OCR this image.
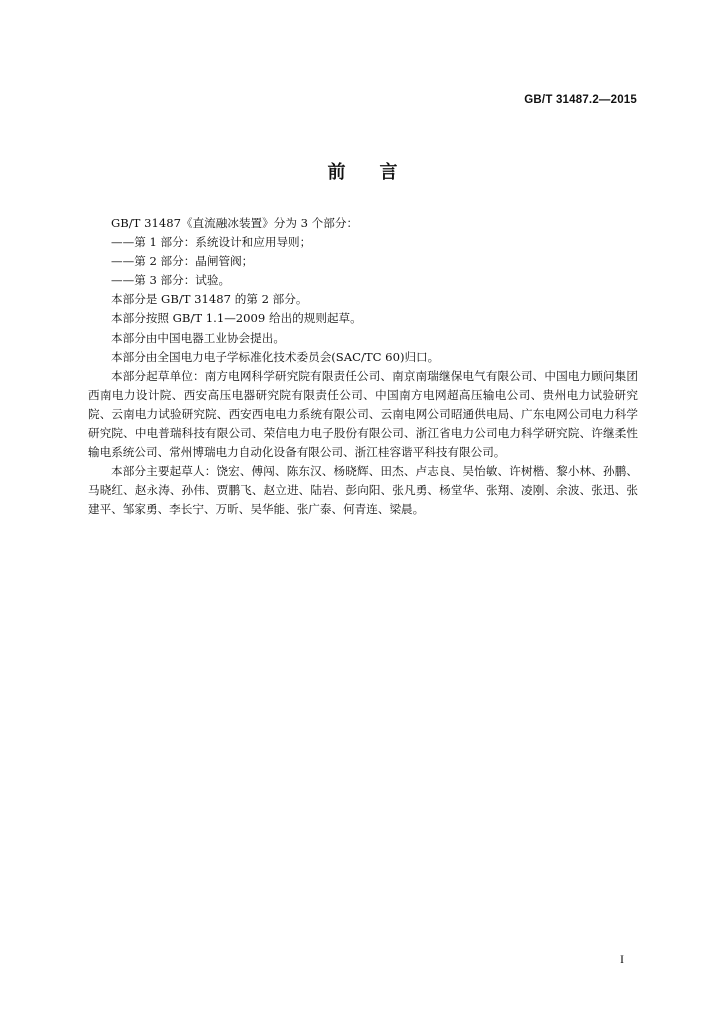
GB/T 31487.2—2015
前言

GB/T 31487《直流融冰装置》分为 3 个部分：

——第 1 部分：系统设计和应用导则；

——第 2 部分：晶闸管阀；

——第 3 部分：试验。

本部分是 GB/T 31487 的第 2 部分。

本部分按照 GB/T 1.1—2009 给出的规则起草。

本部分由中国电器工业协会提出。

本部分由全国电力电子学标准化技术委员会(SAC/TC 60)归口。

本部分起草单位：南方电网科学研究院有限责任公司、南京南瑞继保电气有限公司、中国电力顾问集团西南电力设计院、西安高压电器研究院有限责任公司、中国南方电网超高压输电公司、贵州电力试验研究院、云南电力试验研究院、西安西电电力系统有限公司、云南电网公司昭通供电局、广东电网公司电力科学研究院、中电普瑞科技有限公司、荣信电力电子股份有限公司、浙江省电力公司电力科学研究院、许继柔性输电系统公司、常州博瑞电力自动化设备有限公司、浙江桂容谐平科技有限公司。

本部分主要起草人：饶宏、傅闯、陈东汉、杨晓辉、田杰、卢志良、吴怡敏、许树楷、黎小林、孙鹏、马晓红、赵永涛、孙伟、贾鹏飞、赵立进、陆岩、彭向阳、张凡勇、杨堂华、张翔、凌刚、余波、张迅、张建平、邹家勇、李长宁、万昕、吴华能、张广泰、何青连、梁晨。

I
